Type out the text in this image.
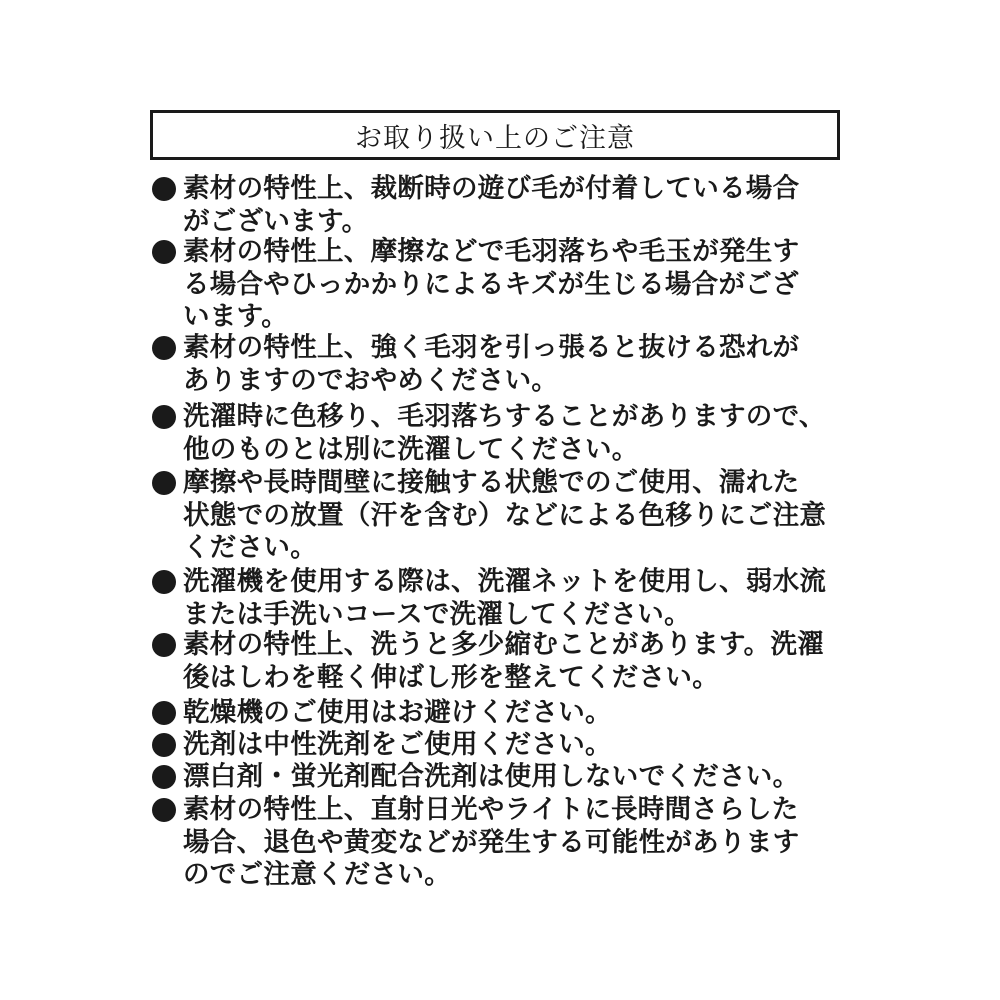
お取り扱い上のご注意
素材の特性上、裁断時の遊び毛が付着している場合
がございます。
素材の特性上、摩擦などで毛羽落ちや毛玉が発生す
る場合やひっかかりによるキズが生じる場合がござ
います。
素材の特性上、強く毛羽を引っ張ると抜ける恐れが
ありますのでおやめください。
洗濯時に色移り、毛羽落ちすることがありますので、
他のものとは別に洗濯してください。
摩擦や長時間壁に接触する状態でのご使用、濡れた
状態での放置（汗を含む）などによる色移りにご注意
ください。
洗濯機を使用する際は、洗濯ネットを使用し、弱水流
または手洗いコースで洗濯してください。
素材の特性上、洗うと多少縮むことがあります。洗濯
後はしわを軽く伸ばし形を整えてください。
乾燥機のご使用はお避けください。
洗剤は中性洗剤をご使用ください。
漂白剤・蛍光剤配合洗剤は使用しないでください。
素材の特性上、直射日光やライトに長時間さらした
場合、退色や黄変などが発生する可能性があります
のでご注意ください。
